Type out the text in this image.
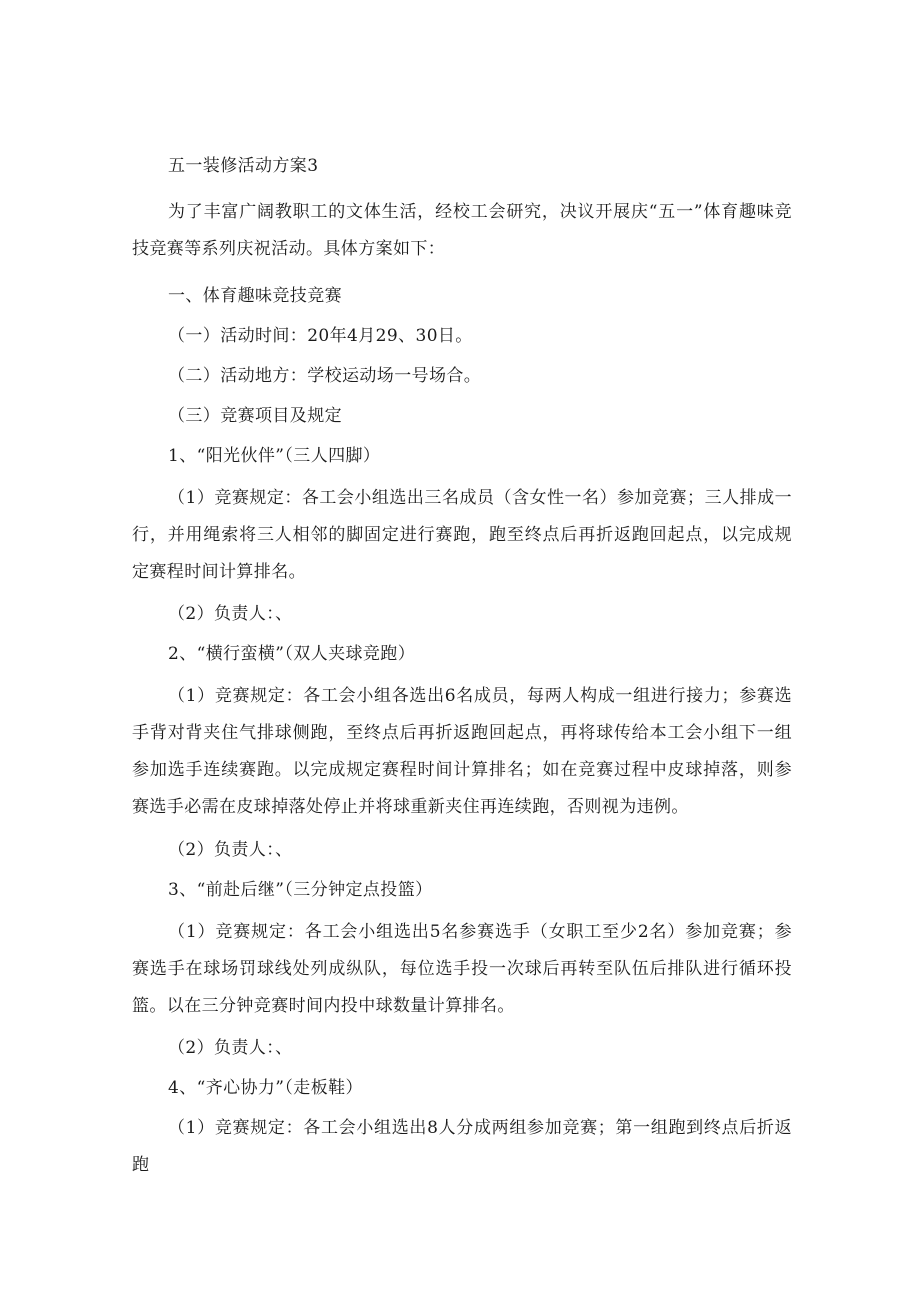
五一装修活动方案3
为了丰富广阔教职工的文体生活，经校工会研究，决议开展庆“五一”体育趣味竞技竞赛等系列庆祝活动。具体方案如下：
一、体育趣味竞技竞赛
（一）活动时间：20年4月29、30日。
（二）活动地方：学校运动场一号场合。
（三）竞赛项目及规定
1、“阳光伙伴”（三人四脚）
（1）竞赛规定：各工会小组选出三名成员（含女性一名）参加竞赛；三人排成一行，并用绳索将三人相邻的脚固定进行赛跑，跑至终点后再折返跑回起点，以完成规定赛程时间计算排名。
（2）负责人：、
2、“横行蛮横”（双人夹球竞跑）
（1）竞赛规定：各工会小组各选出6名成员，每两人构成一组进行接力；参赛选手背对背夹住气排球侧跑，至终点后再折返跑回起点，再将球传给本工会小组下一组参加选手连续赛跑。以完成规定赛程时间计算排名；如在竞赛过程中皮球掉落，则参赛选手必需在皮球掉落处停止并将球重新夹住再连续跑，否则视为违例。
（2）负责人：、
3、“前赴后继”（三分钟定点投篮）
（1）竞赛规定：各工会小组选出5名参赛选手（女职工至少2名）参加竞赛；参赛选手在球场罚球线处列成纵队，每位选手投一次球后再转至队伍后排队进行循环投篮。以在三分钟竞赛时间内投中球数量计算排名。
（2）负责人：、
4、“齐心协力”（走板鞋）
（1）竞赛规定：各工会小组选出8人分成两组参加竞赛；第一组跑到终点后折返跑
